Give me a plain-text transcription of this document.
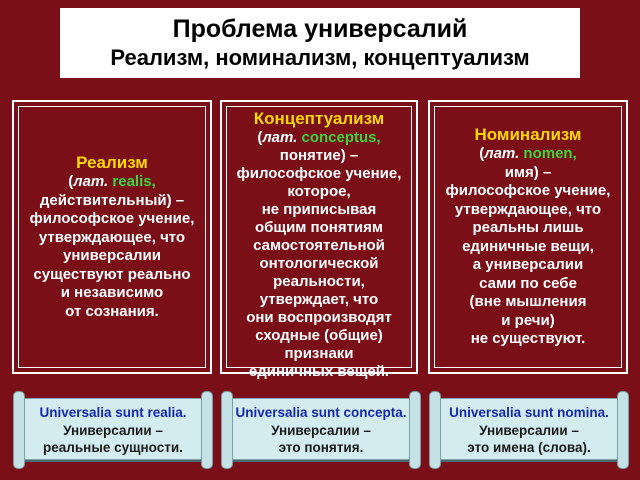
Проблема универсалий
Реализм, номинализм, концептуализм
Реализм
(лат. realis,
действительный) –
философское учение,
утверждающее, что
универсалии
существуют реально
и независимо
от сознания.
Концептуализм
(лат. conceptus,
понятие) –
философское учение,
которое,
не приписывая
общим понятиям
самостоятельной
онтологической
реальности,
утверждает, что
они воспроизводят
сходные (общие)
признаки
единичных вещей.
Номинализм
(лат. nomen,
имя) –
философское учение,
утверждающее, что
реальны лишь
единичные вещи,
а универсалии
сами по себе
(вне мышления
и речи)
не существуют.
Universalia sunt realia.
Универсалии –
реальные сущности.
Universalia sunt concepta.
Универсалии –
это понятия.
Universalia sunt nomina.
Универсалии –
это имена (слова).
